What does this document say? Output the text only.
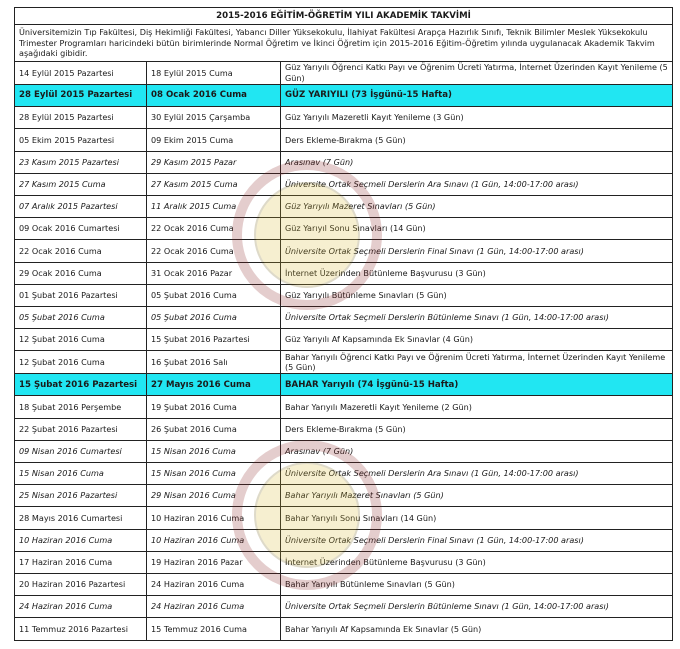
2015-2016 EĞİTİM-ÖĞRETİM YILI AKADEMİK TAKVİMİ		
Üniversitemizin Tıp Fakültesi, Diş Hekimliği Fakültesi, Yabancı Diller Yüksekokulu, İlahiyat Fakültesi Arapça Hazırlık Sınıfı, Teknik Bilimler Meslek Yüksekokulu Trimester Programları haricindeki bütün birimlerinde Normal Öğretim ve İkinci Öğretim için 2015-2016 Eğitim-Öğretim yılında uygulanacak Akademik Takvim aşağıdaki gibidir.		
14 Eylül 2015 Pazartesi	18 Eylül 2015 Cuma	Güz Yarıyılı Öğrenci Katkı Payı ve Öğrenim Ücreti Yatırma, İnternet Üzerinden Kayıt Yenileme (5 Gün)
28 Eylül 2015 Pazartesi	08 Ocak 2016 Cuma	GÜZ YARIYILI (73 İşgünü-15 Hafta)
28 Eylül 2015 Pazartesi	30 Eylül 2015 Çarşamba	Güz Yarıyılı Mazeretli Kayıt Yenileme (3 Gün)
05 Ekim 2015 Pazartesi	09 Ekim 2015 Cuma	Ders Ekleme-Bırakma (5 Gün)
23 Kasım 2015 Pazartesi	29 Kasım 2015 Pazar	Arasınav (7 Gün)
27 Kasım 2015 Cuma	27 Kasım 2015 Cuma	Üniversite Ortak Seçmeli Derslerin Ara Sınavı (1 Gün, 14:00-17:00 arası)
07 Aralık 2015 Pazartesi	11 Aralık 2015 Cuma	Güz Yarıyılı Mazeret Sınavları (5 Gün)
09 Ocak 2016 Cumartesi	22 Ocak 2016 Cuma	Güz Yarıyıl Sonu Sınavları (14 Gün)
22 Ocak 2016 Cuma	22 Ocak 2016 Cuma	Üniversite Ortak Seçmeli Derslerin Final Sınavı (1 Gün, 14:00-17:00 arası)
29 Ocak 2016 Cuma	31 Ocak 2016 Pazar	İnternet Üzerinden Bütünleme Başvurusu (3 Gün)
01 Şubat 2016 Pazartesi	05 Şubat 2016 Cuma	Güz Yarıyılı Bütünleme Sınavları (5 Gün)
05 Şubat 2016 Cuma	05 Şubat 2016 Cuma	Üniversite Ortak Seçmeli Derslerin Bütünleme Sınavı (1 Gün, 14:00-17:00 arası)
12 Şubat 2016 Cuma	15 Şubat 2016 Pazartesi	Güz Yarıyılı Af Kapsamında Ek Sınavlar (4 Gün)
12 Şubat 2016 Cuma	16 Şubat 2016 Salı	Bahar Yarıyılı Öğrenci Katkı Payı ve Öğrenim Ücreti Yatırma, İnternet Üzerinden Kayıt Yenileme (5 Gün)
15 Şubat 2016 Pazartesi	27 Mayıs 2016 Cuma	BAHAR Yarıyılı (74 İşgünü-15 Hafta)
18 Şubat 2016 Perşembe	19 Şubat 2016 Cuma	Bahar Yarıyılı Mazeretli Kayıt Yenileme (2 Gün)
22 Şubat 2016 Pazartesi	26 Şubat 2016 Cuma	Ders Ekleme-Bırakma (5 Gün)
09 Nisan 2016 Cumartesi	15 Nisan 2016 Cuma	Arasınav (7 Gün)
15 Nisan 2016 Cuma	15 Nisan 2016 Cuma	Üniversite Ortak Seçmeli Derslerin Ara Sınavı (1 Gün, 14:00-17:00 arası)
25 Nisan 2016 Pazartesi	29 Nisan 2016 Cuma	Bahar Yarıyılı Mazeret Sınavları (5 Gün)
28 Mayıs 2016 Cumartesi	10 Haziran 2016 Cuma	Bahar Yarıyılı Sonu Sınavları (14 Gün)
10 Haziran 2016 Cuma	10 Haziran 2016 Cuma	Üniversite Ortak Seçmeli Derslerin Final Sınavı (1 Gün, 14:00-17:00 arası)
17 Haziran 2016 Cuma	19 Haziran 2016 Pazar	İnternet Üzerinden Bütünleme Başvurusu (3 Gün)
20 Haziran 2016 Pazartesi	24 Haziran 2016 Cuma	Bahar Yarıyılı Bütünleme Sınavları (5 Gün)
24 Haziran 2016 Cuma	24 Haziran 2016 Cuma	Üniversite Ortak Seçmeli Derslerin Bütünleme Sınavı (1 Gün, 14:00-17:00 arası)
11 Temmuz 2016 Pazartesi	15 Temmuz 2016 Cuma	Bahar Yarıyılı Af Kapsamında Ek Sınavlar (5 Gün)
